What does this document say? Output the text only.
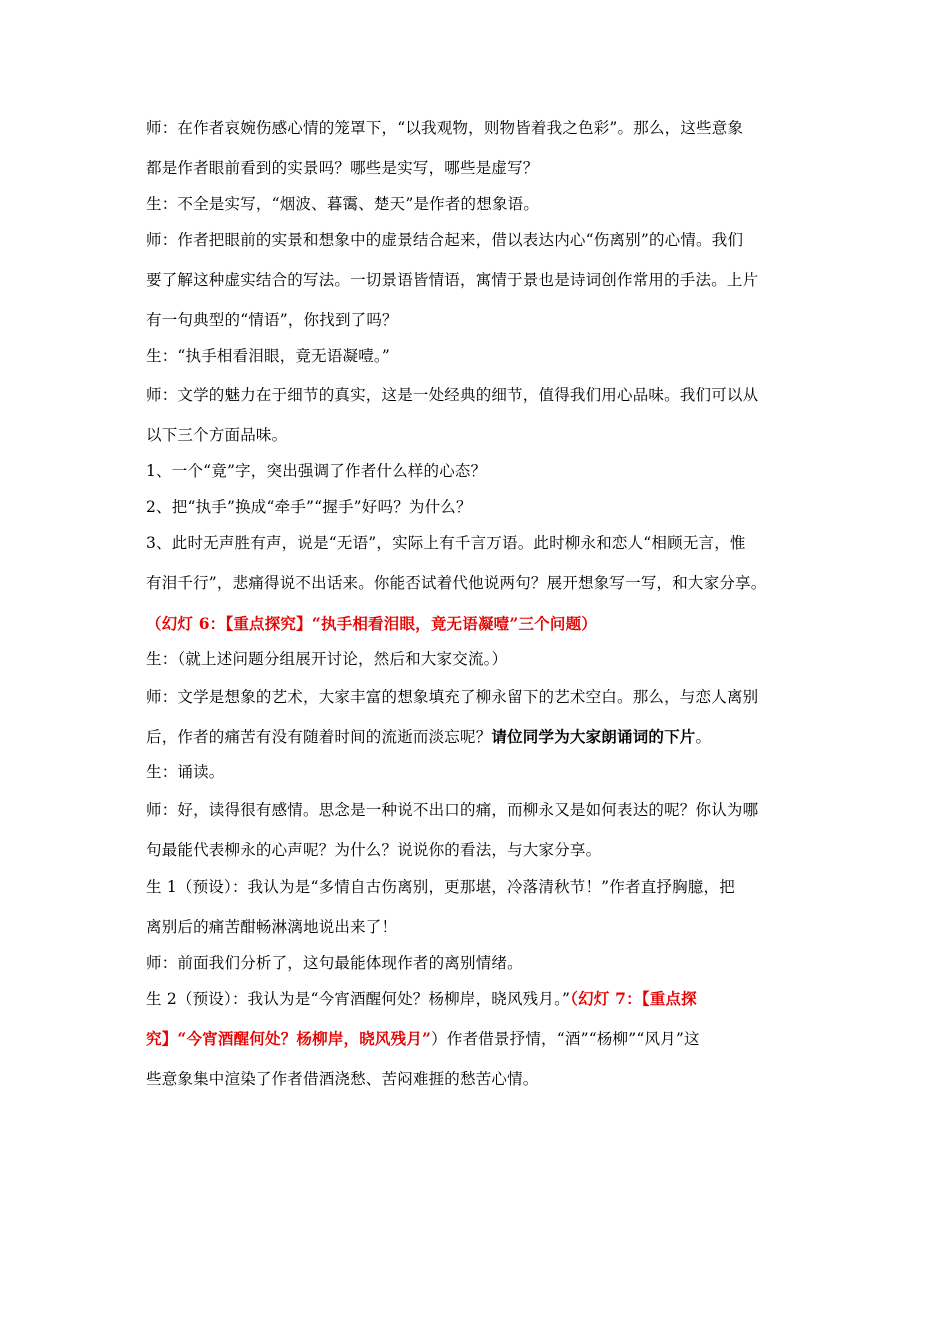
师：在作者哀婉伤感心情的笼罩下，“以我观物，则物皆着我之色彩”。那么，这些意象
都是作者眼前看到的实景吗？哪些是实写，哪些是虚写？
生：不全是实写，“烟波、暮霭、楚天”是作者的想象语。
师：作者把眼前的实景和想象中的虚景结合起来，借以表达内心“伤离别”的心情。我们
要了解这种虚实结合的写法。一切景语皆情语，寓情于景也是诗词创作常用的手法。上片
有一句典型的“情语”，你找到了吗？
生：“执手相看泪眼，竟无语凝噎。”
师：文学的魅力在于细节的真实，这是一处经典的细节，值得我们用心品味。我们可以从
以下三个方面品味。
1、一个“竟”字，突出强调了作者什么样的心态？
2、把“执手”换成“牵手”“握手”好吗？为什么？
3、此时无声胜有声，说是“无语”，实际上有千言万语。此时柳永和恋人“相顾无言，惟
有泪千行”，悲痛得说不出话来。你能否试着代他说两句？展开想象写一写，和大家分享。
（幻灯 6：【重点探究】“执手相看泪眼，竟无语凝噎”三个问题）
生：（就上述问题分组展开讨论，然后和大家交流。）
师：文学是想象的艺术，大家丰富的想象填充了柳永留下的艺术空白。那么，与恋人离别
后，作者的痛苦有没有随着时间的流逝而淡忘呢？请位同学为大家朗诵词的下片。
生：诵读。
师：好，读得很有感情。思念是一种说不出口的痛，而柳永又是如何表达的呢？你认为哪
句最能代表柳永的心声呢？为什么？说说你的看法，与大家分享。
生 1（预设）：我认为是“多情自古伤离别，更那堪，冷落清秋节！”作者直抒胸臆，把
离别后的痛苦酣畅淋漓地说出来了！
师：前面我们分析了，这句最能体现作者的离别情绪。
生 2（预设）：我认为是“今宵酒醒何处？杨柳岸，晓风残月。”（幻灯 7：【重点探
究】“今宵酒醒何处？杨柳岸，晓风残月”）作者借景抒情，“酒”“杨柳”“风月”这
些意象集中渲染了作者借酒浇愁、苦闷难捱的愁苦心情。
